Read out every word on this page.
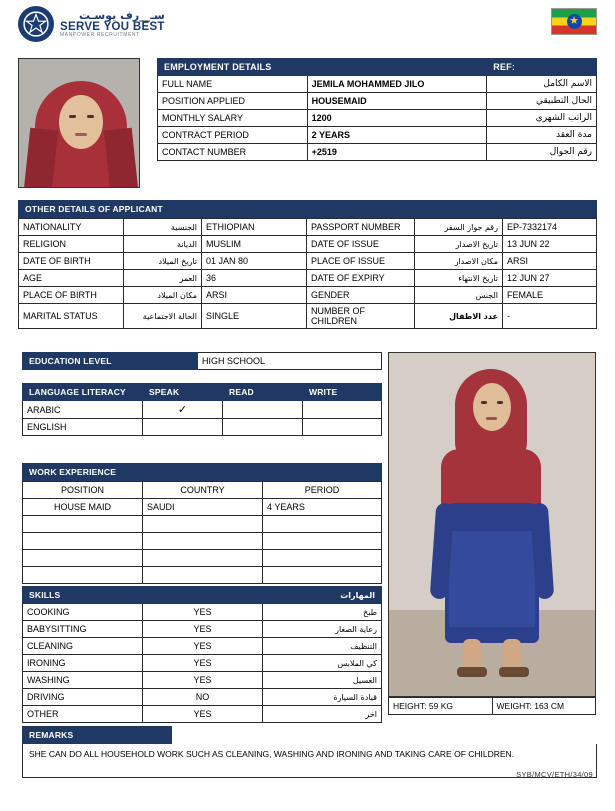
سـ__رف يوسـت
SERVE YOU BEST
MANPOWER RECRUITMENT
★
EMPLOYMENT DETAILS		REF:
FULL NAME	JEMILA MOHAMMED JILO	الاسم الكامل
POSITION APPLIED	HOUSEMAID	الحال التطبيقي
MONTHLY SALARY	1200	الراتب الشهري
CONTRACT PERIOD	2 YEARS	مدة العقد
CONTACT NUMBER	+2519	رقم الجوال
OTHER DETAILS OF APPLICANT
NATIONALITY	الجنسية	ETHIOPIAN	PASSPORT NUMBER	رقم جواز السفر	EP-7332174
RELIGION	الديانة	MUSLIM	DATE OF ISSUE	تاريخ الاصدار	13 JUN 22
DATE OF BIRTH	تاريخ الميلاد	01 JAN 80	PLACE OF ISSUE	مكان الاصدار	ARSI
AGE	العمر	36	DATE OF EXPIRY	تاريخ الانتهاء	12 JUN 27
PLACE OF BIRTH	مكان الميلاد	ARSI	GENDER	الجنس	FEMALE
MARITAL STATUS	الحالة الاجتماعية	SINGLE	NUMBER OF CHILDREN	عدد الاطفال	-
EDUCATION LEVEL	HIGH SCHOOL
LANGUAGE LITERACY	SPEAK	READ	WRITE
ARABIC	✓		
ENGLISH			
WORK EXPERIENCE
POSITION	COUNTRY	PERIOD
HOUSE MAID	SAUDI	4 YEARS

SKILLS		المهارات
COOKING	YES	طبخ
BABYSITTING	YES	رعاية الصغار
CLEANING	YES	التنظيف
IRONING	YES	كي الملابس
WASHING	YES	الغسيل
DRIVING	NO	قيادة السيارة
OTHER	YES	اخر
HEIGHT: 59 KG	WEIGHT: 163 CM
REMARKS
SHE CAN DO ALL HOUSEHOLD WORK SUCH AS CLEANING, WASHING AND IRONING AND TAKING CARE OF CHILDREN.
SYB/MCV/ETH/34/09
